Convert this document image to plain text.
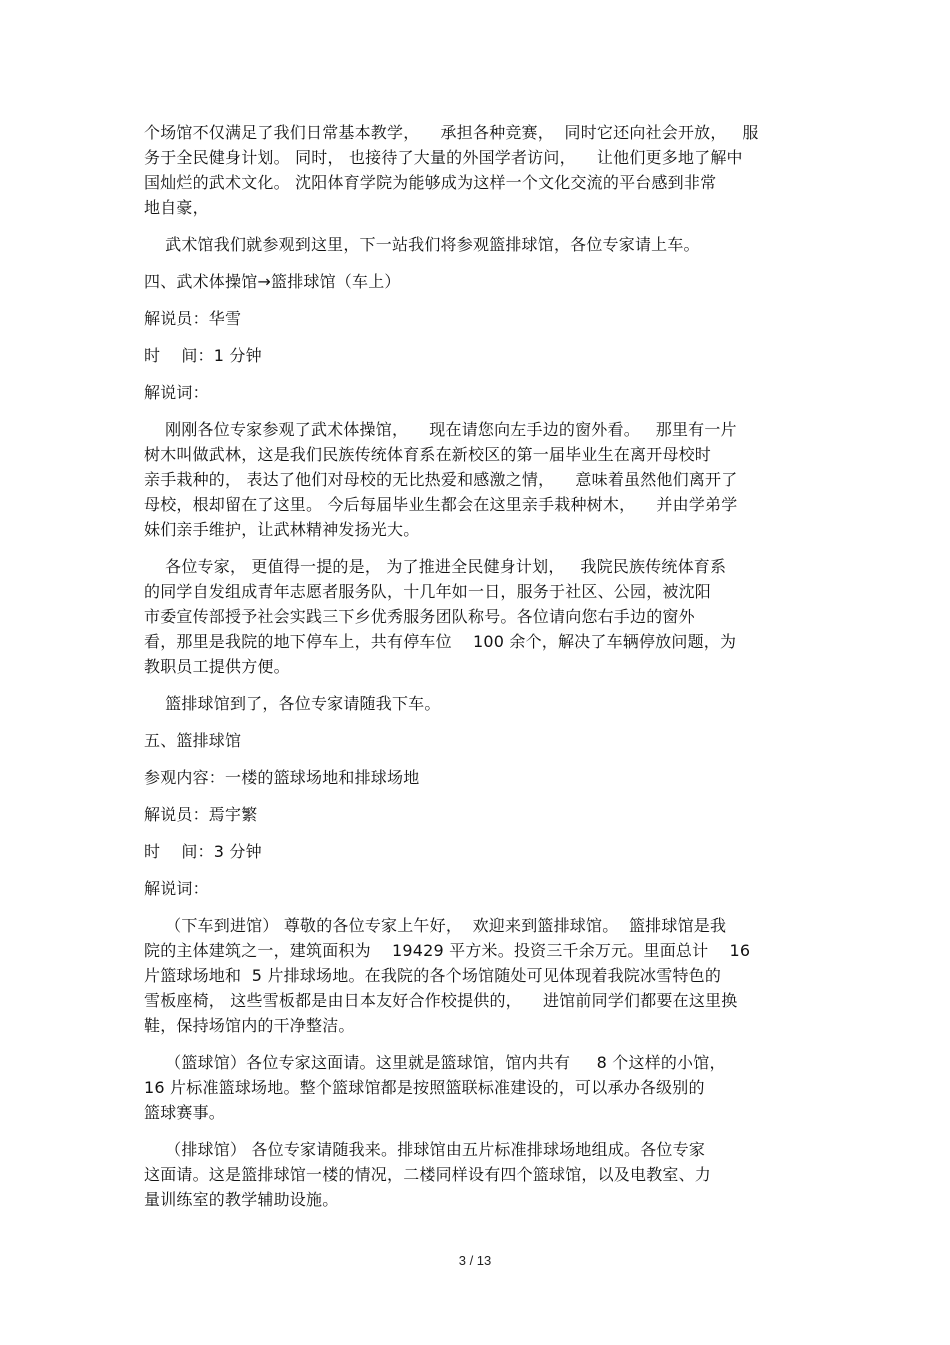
个场馆不仅满足了我们日常基本教学，    承担各种竞赛，  同时它还向社会开放，   服
务于全民健身计划。 同时， 也接待了大量的外国学者访问，    让他们更多地了解中
国灿烂的武术文化。 沈阳体育学院为能够成为这样一个文化交流的平台感到非常
地自豪，
武术馆我们就参观到这里，下一站我们将参观篮排球馆，各位专家请上车。
四、武术体操馆→篮排球馆（车上）
解说员：华雪
时    间：1 分钟
解说词：
刚刚各位专家参观了武术体操馆，    现在请您向左手边的窗外看。   那里有一片
树木叫做武林，这是我们民族传统体育系在新校区的第一届毕业生在离开母校时
亲手栽种的， 表达了他们对母校的无比热爱和感激之情，    意味着虽然他们离开了
母校，根却留在了这里。 今后每届毕业生都会在这里亲手栽种树木，    并由学弟学
妹们亲手维护，让武林精神发扬光大。
各位专家， 更值得一提的是， 为了推进全民健身计划，   我院民族传统体育系
的同学自发组成青年志愿者服务队，十几年如一日，服务于社区、公园，被沈阳
市委宣传部授予社会实践三下乡优秀服务团队称号。各位请向您右手边的窗外
看，那里是我院的地下停车上，共有停车位    100 余个，解决了车辆停放问题，为
教职员工提供方便。
篮排球馆到了，各位专家请随我下车。
五、篮排球馆
参观内容：一楼的篮球场地和排球场地
解说员：焉宇繁
时    间：3 分钟
解说词：
（下车到进馆） 尊敬的各位专家上午好，  欢迎来到篮排球馆。  篮排球馆是我
院的主体建筑之一，建筑面积为    19429 平方米。投资三千余万元。里面总计    16
片篮球场地和  5 片排球场地。在我院的各个场馆随处可见体现着我院冰雪特色的
雪板座椅， 这些雪板都是由日本友好合作校提供的，    进馆前同学们都要在这里换
鞋，保持场馆内的干净整洁。
（篮球馆）各位专家这面请。这里就是篮球馆，馆内共有     8 个这样的小馆，
16 片标准篮球场地。整个篮球馆都是按照篮联标准建设的，可以承办各级别的
篮球赛事。
（排球馆） 各位专家请随我来。排球馆由五片标准排球场地组成。各位专家
这面请。这是篮排球馆一楼的情况，二楼同样设有四个篮球馆，以及电教室、力
量训练室的教学辅助设施。
3 / 13
